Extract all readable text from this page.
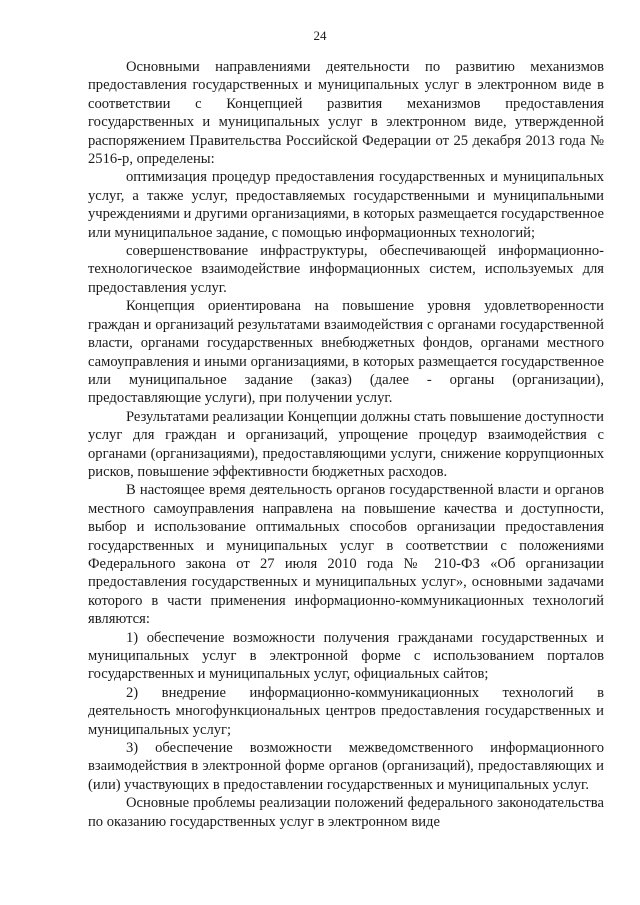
24

Основными направлениями деятельности по развитию механизмов предоставления государственных и муниципальных услуг в электронном виде в соответствии с Концепцией развития механизмов предоставления государственных и муниципальных услуг в электронном виде, утвержденной распоряжением Правительства Российской Федерации от 25 декабря 2013 года № 2516-р, определены:

оптимизация процедур предоставления государственных и муниципальных услуг, а также услуг, предоставляемых государственными и муниципальными учреждениями и другими организациями, в которых размещается государственное или муниципальное задание, с помощью информационных технологий;

совершенствование инфраструктуры, обеспечивающей информационно-технологическое взаимодействие информационных систем, используемых для предоставления услуг.

Концепция ориентирована на повышение уровня удовлетворенности граждан и организаций результатами взаимодействия с органами государственной власти, органами государственных внебюджетных фондов, органами местного самоуправления и иными организациями, в которых размещается государственное или муниципальное задание (заказ) (далее - органы (организации), предоставляющие услуги), при получении услуг.

Результатами реализации Концепции должны стать повышение доступности услуг для граждан и организаций, упрощение процедур взаимодействия с органами (организациями), предоставляющими услуги, снижение коррупционных рисков, повышение эффективности бюджетных расходов.

В настоящее время деятельность органов государственной власти и органов местного самоуправления направлена на повышение качества и доступности, выбор и использование оптимальных способов организации предоставления государственных и муниципальных услуг в соответствии с положениями Федерального закона от 27 июля 2010 года № 210-ФЗ «Об организации предоставления государственных и муниципальных услуг», основными задачами которого в части применения информационно-коммуникационных технологий являются:

1) обеспечение возможности получения гражданами государственных и муниципальных услуг в электронной форме с использованием порталов государственных и муниципальных услуг, официальных сайтов;

2) внедрение информационно-коммуникационных технологий в деятельность многофункциональных центров предоставления государственных и муниципальных услуг;

3) обеспечение возможности межведомственного информационного взаимодействия в электронной форме органов (организаций), предоставляющих и (или) участвующих в предоставлении государственных и муниципальных услуг.

Основные проблемы реализации положений федерального законодательства по оказанию государственных услуг в электронном виде
